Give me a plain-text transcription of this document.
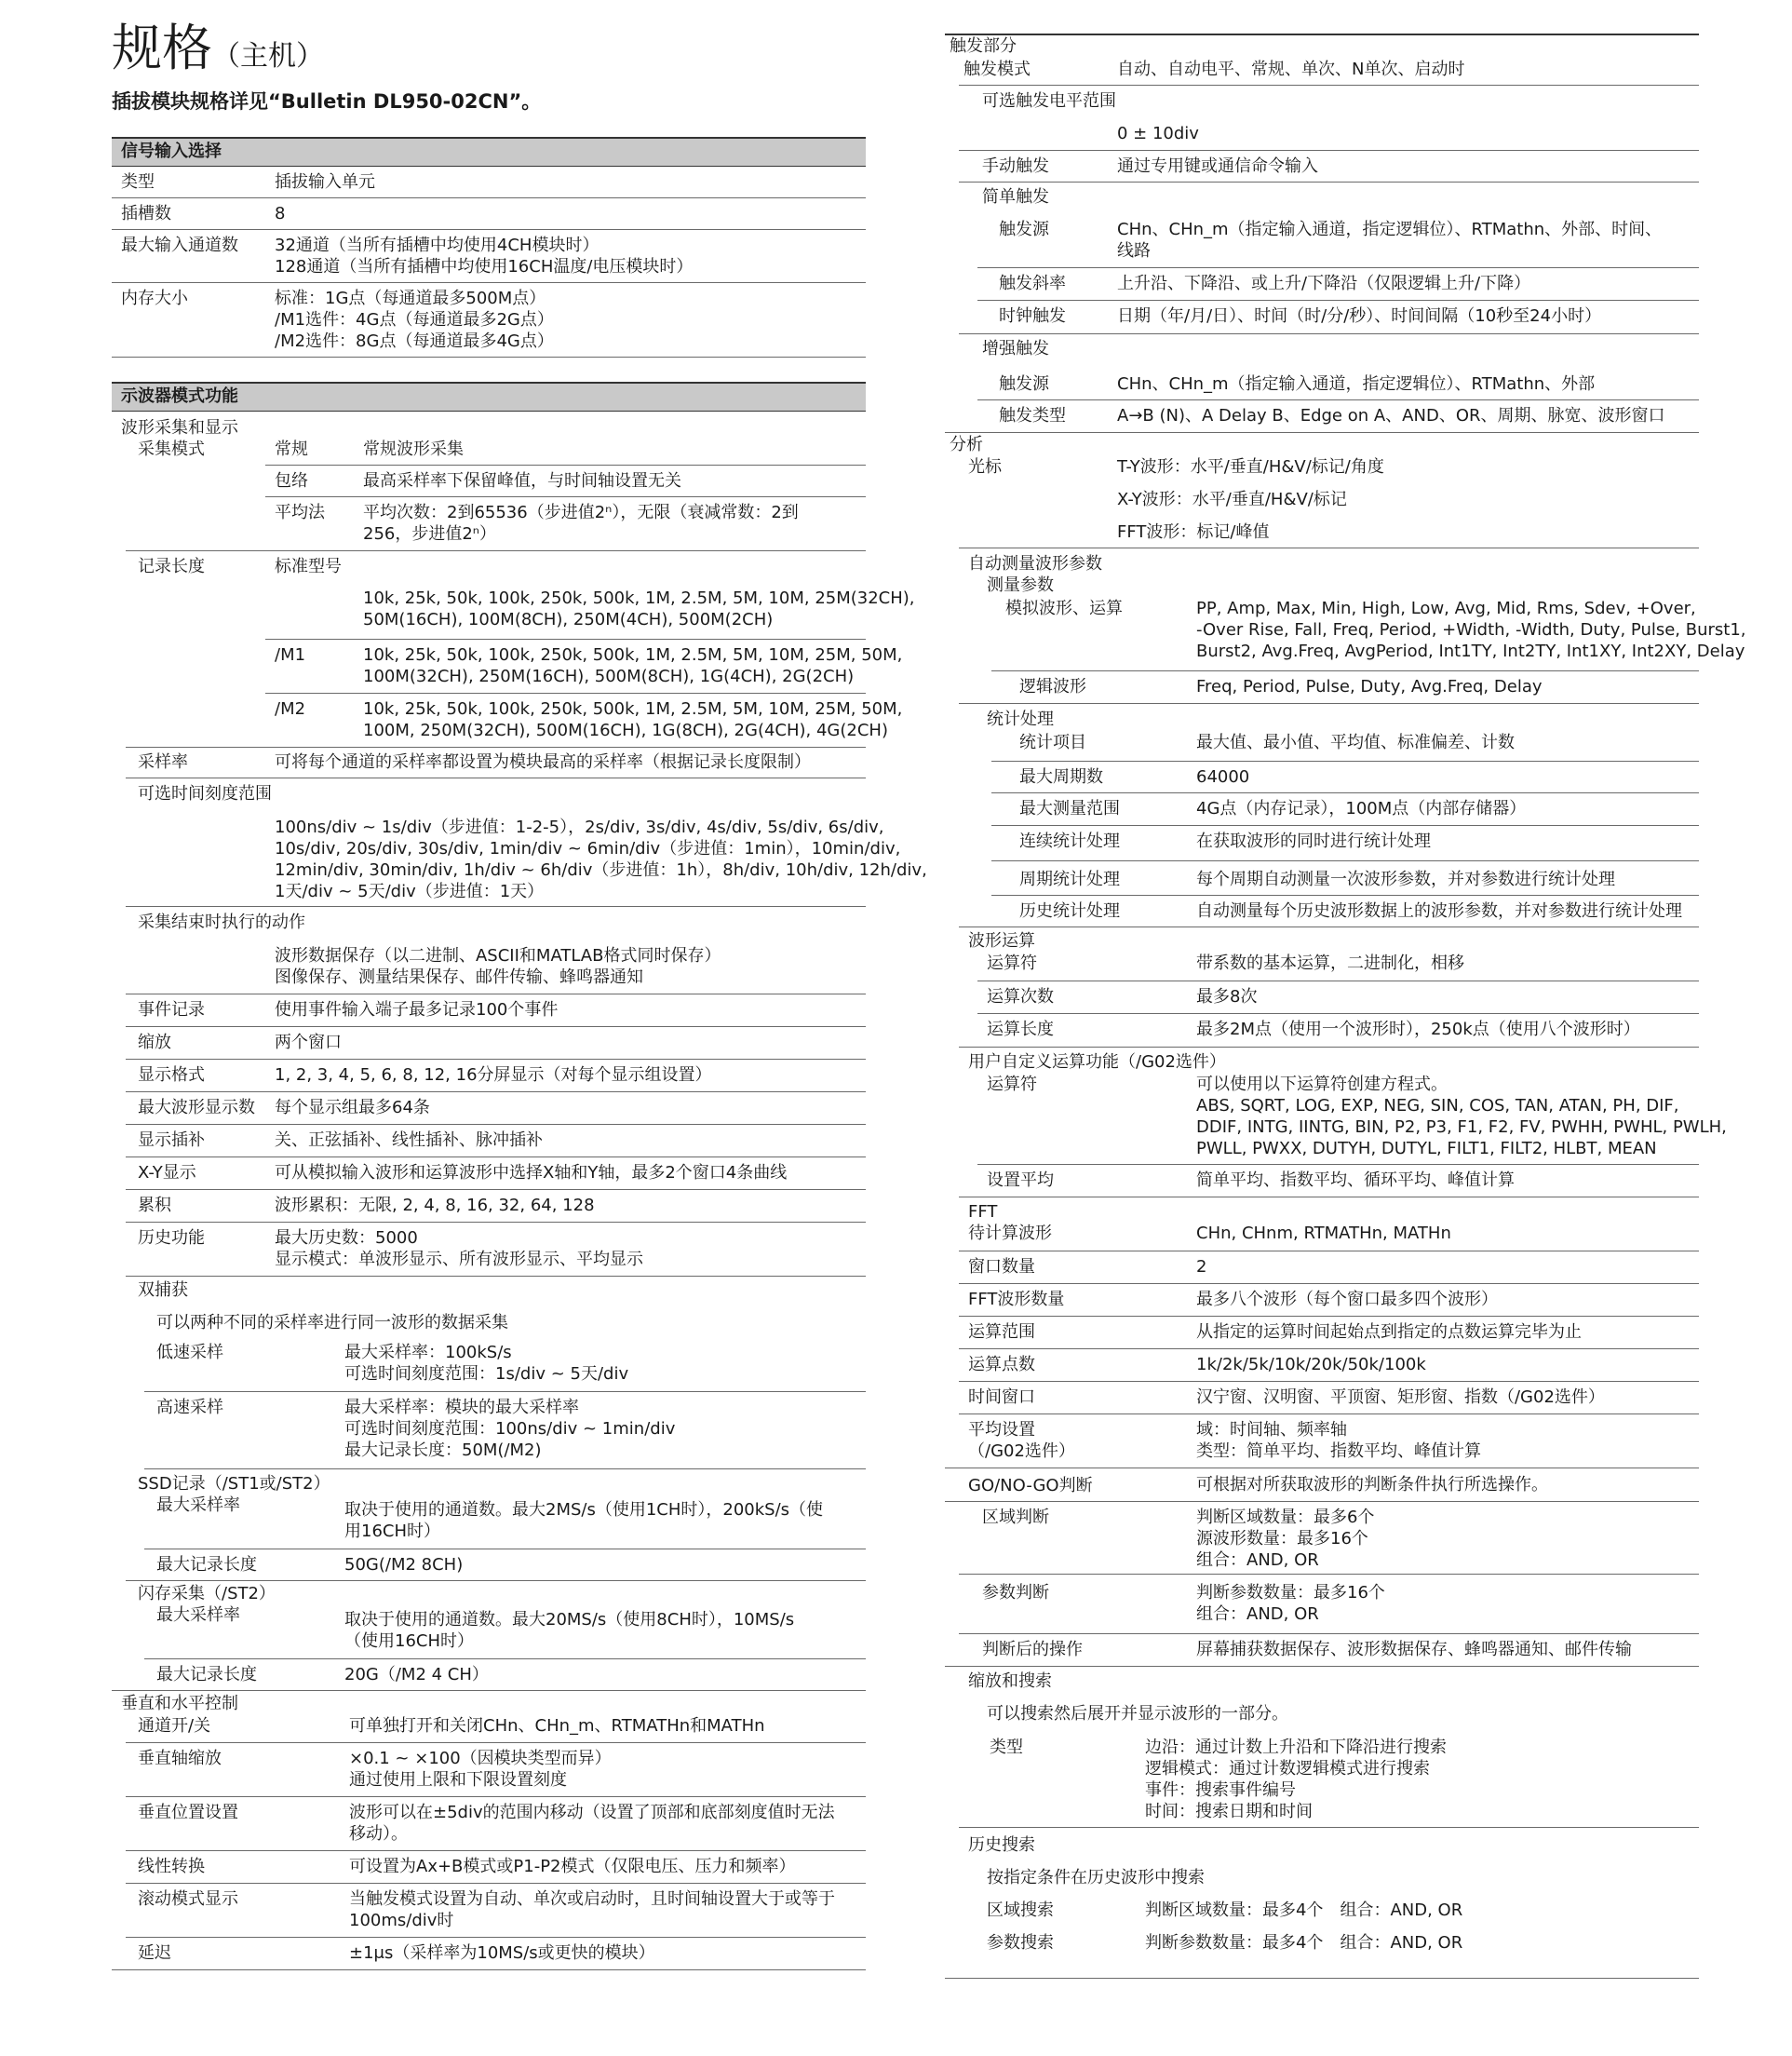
规格（主机）
插拔模块规格详见“Bulletin DL950-02CN”。
信号输入选择
类型	插拔输入单元
插槽数	8
最大输入通道数 32通道（当所有插槽中均使用4CH模块时）
128通道（当所有插槽中均使用16CH温度/电压模块时）
内存大小	标准：1G点（每通道最多500M点）
/M1选件：4G点（每通道最多2G点）
/M2选件：8G点（每通道最多4G点）
示波器模式功能
波形采集和显示
采集模式	常规	常规波形采集
包络	最高采样率下保留峰值，与时间轴设置无关
平均法 平均次数：2到65536（步进值2ⁿ），无限（衰减常数：2到
256，步进值2ⁿ）
记录长度	标准型号
10k, 25k, 50k, 100k, 250k, 500k, 1M, 2.5M, 5M, 10M, 25M(32CH),
50M(16CH), 100M(8CH), 250M(4CH), 500M(2CH)
/M1	10k, 25k, 50k, 100k, 250k, 500k, 1M, 2.5M, 5M, 10M, 25M, 50M,
100M(32CH), 250M(16CH), 500M(8CH), 1G(4CH), 2G(2CH)
/M2	10k, 25k, 50k, 100k, 250k, 500k, 1M, 2.5M, 5M, 10M, 25M, 50M,
100M, 250M(32CH), 500M(16CH), 1G(8CH), 2G(4CH), 4G(2CH)
采样率	可将每个通道的采样率都设置为模块最高的采样率（根据记录长度限制）
可选时间刻度范围
100ns/div ~ 1s/div（步进值：1-2-5），2s/div, 3s/div, 4s/div, 5s/div, 6s/div,
10s/div, 20s/div, 30s/div, 1min/div ~ 6min/div（步进值：1min），10min/div,
12min/div, 30min/div, 1h/div ~ 6h/div（步进值：1h），8h/div, 10h/div, 12h/div,
1天/div ~ 5天/div（步进值：1天）
采集结束时执行的动作
波形数据保存（以二进制、ASCII和MATLAB格式同时保存）
图像保存、测量结果保存、邮件传输、蜂鸣器通知
事件记录	使用事件输入端子最多记录100个事件
缩放	两个窗口
显示格式	1, 2, 3, 4, 5, 6, 8, 12, 16分屏显示（对每个显示组设置）
最大波形显示数 每个显示组最多64条
显示插补	关、正弦插补、线性插补、脉冲插补
X-Y显示	可从模拟输入波形和运算波形中选择X轴和Y轴，最多2个窗口4条曲线
累积	波形累积：无限, 2, 4, 8, 16, 32, 64, 128
历史功能	最大历史数：5000
显示模式：单波形显示、所有波形显示、平均显示
双捕获
可以两种不同的采样率进行同一波形的数据采集
低速采样	最大采样率：100kS/s
可选时间刻度范围：1s/div ~ 5天/div
高速采样	最大采样率：模块的最大采样率
可选时间刻度范围：100ns/div ~ 1min/div
最大记录长度：50M(/M2)
SSD记录（/ST1或/ST2）
最大采样率	取决于使用的通道数。最大2MS/s（使用1CH时），200kS/s（使
用16CH时）
最大记录长度	50G(/M2 8CH)
闪存采集（/ST2）
最大采样率	取决于使用的通道数。最大20MS/s（使用8CH时），10MS/s
（使用16CH时）
最大记录长度	20G（/M2 4 CH）
垂直和水平控制
通道开/关	可单独打开和关闭CHn、CHn_m、RTMATHn和MATHn
垂直轴缩放	×0.1 ~ ×100（因模块类型而异）
通过使用上限和下限设置刻度
垂直位置设置	波形可以在±5div的范围内移动（设置了顶部和底部刻度值时无法
移动）。
线性转换	可设置为Ax+B模式或P1-P2模式（仅限电压、压力和频率）
滚动模式显示	当触发模式设置为自动、单次或启动时，且时间轴设置大于或等于
100ms/div时
延迟	±1μs（采样率为10MS/s或更快的模块）
触发部分
触发模式	自动、自动电平、常规、单次、N单次、启动时
可选触发电平范围
0 ± 10div
手动触发	通过专用键或通信命令输入
简单触发
触发源	CHn、CHn_m（指定输入通道，指定逻辑位）、RTMathn、外部、时间、
线路
触发斜率	上升沿、下降沿、或上升/下降沿（仅限逻辑上升/下降）
时钟触发	日期（年/月/日）、时间（时/分/秒）、时间间隔（10秒至24小时）
增强触发
触发源	CHn、CHn_m（指定输入通道，指定逻辑位）、RTMathn、外部
触发类型	A→B (N)、A Delay B、Edge on A、AND、OR、周期、脉宽、波形窗口
分析
光标	T-Y波形：水平/垂直/H&V/标记/角度
X-Y波形：水平/垂直/H&V/标记
FFT波形：标记/峰值
自动测量波形参数
测量参数
模拟波形、运算	PP, Amp, Max, Min, High, Low, Avg, Mid, Rms, Sdev, +Over,
-Over Rise, Fall, Freq, Period, +Width, -Width, Duty, Pulse, Burst1,
Burst2, Avg.Freq, AvgPeriod, Int1TY, Int2TY, Int1XY, Int2XY, Delay
逻辑波形	Freq, Period, Pulse, Duty, Avg.Freq, Delay
统计处理
统计项目	最大值、最小值、平均值、标准偏差、计数
最大周期数	64000
最大测量范围	4G点（内存记录），100M点（内部存储器）
连续统计处理	在获取波形的同时进行统计处理
周期统计处理	每个周期自动测量一次波形参数，并对参数进行统计处理
历史统计处理	自动测量每个历史波形数据上的波形参数，并对参数进行统计处理
波形运算
运算符	带系数的基本运算，二进制化，相移
运算次数	最多8次
运算长度	最多2M点（使用一个波形时），250k点（使用八个波形时）
用户自定义运算功能（/G02选件）
运算符	可以使用以下运算符创建方程式。
ABS, SQRT, LOG, EXP, NEG, SIN, COS, TAN, ATAN, PH, DIF,
DDIF, INTG, IINTG, BIN, P2, P3, F1, F2, FV, PWHH, PWHL, PWLH,
PWLL, PWXX, DUTYH, DUTYL, FILT1, FILT2, HLBT, MEAN
设置平均	简单平均、指数平均、循环平均、峰值计算
FFT
待计算波形	CHn, CHnm, RTMATHn, MATHn
窗口数量	2
FFT波形数量	最多八个波形（每个窗口最多四个波形）
运算范围	从指定的运算时间起始点到指定的点数运算完毕为止
运算点数	1k/2k/5k/10k/20k/50k/100k
时间窗口	汉宁窗、汉明窗、平顶窗、矩形窗、指数（/G02选件）
平均设置
（/G02选件）
域：时间轴、频率轴
类型：简单平均、指数平均、峰值计算
GO/NO-GO判断	可根据对所获取波形的判断条件执行所选操作。
区域判断	判断区域数量：最多6个
源波形数量：最多16个
组合：AND, OR
参数判断	判断参数数量：最多16个
组合：AND, OR
判断后的操作	屏幕捕获数据保存、波形数据保存、蜂鸣器通知、邮件传输
缩放和搜索
可以搜索然后展开并显示波形的一部分。
类型	边沿：通过计数上升沿和下降沿进行搜索
逻辑模式：通过计数逻辑模式进行搜索
事件：搜索事件编号
时间：搜索日期和时间
历史搜索
按指定条件在历史波形中搜索
区域搜索	判断区域数量：最多4个　组合：AND, OR
参数搜索	判断参数数量：最多4个　组合：AND, OR
